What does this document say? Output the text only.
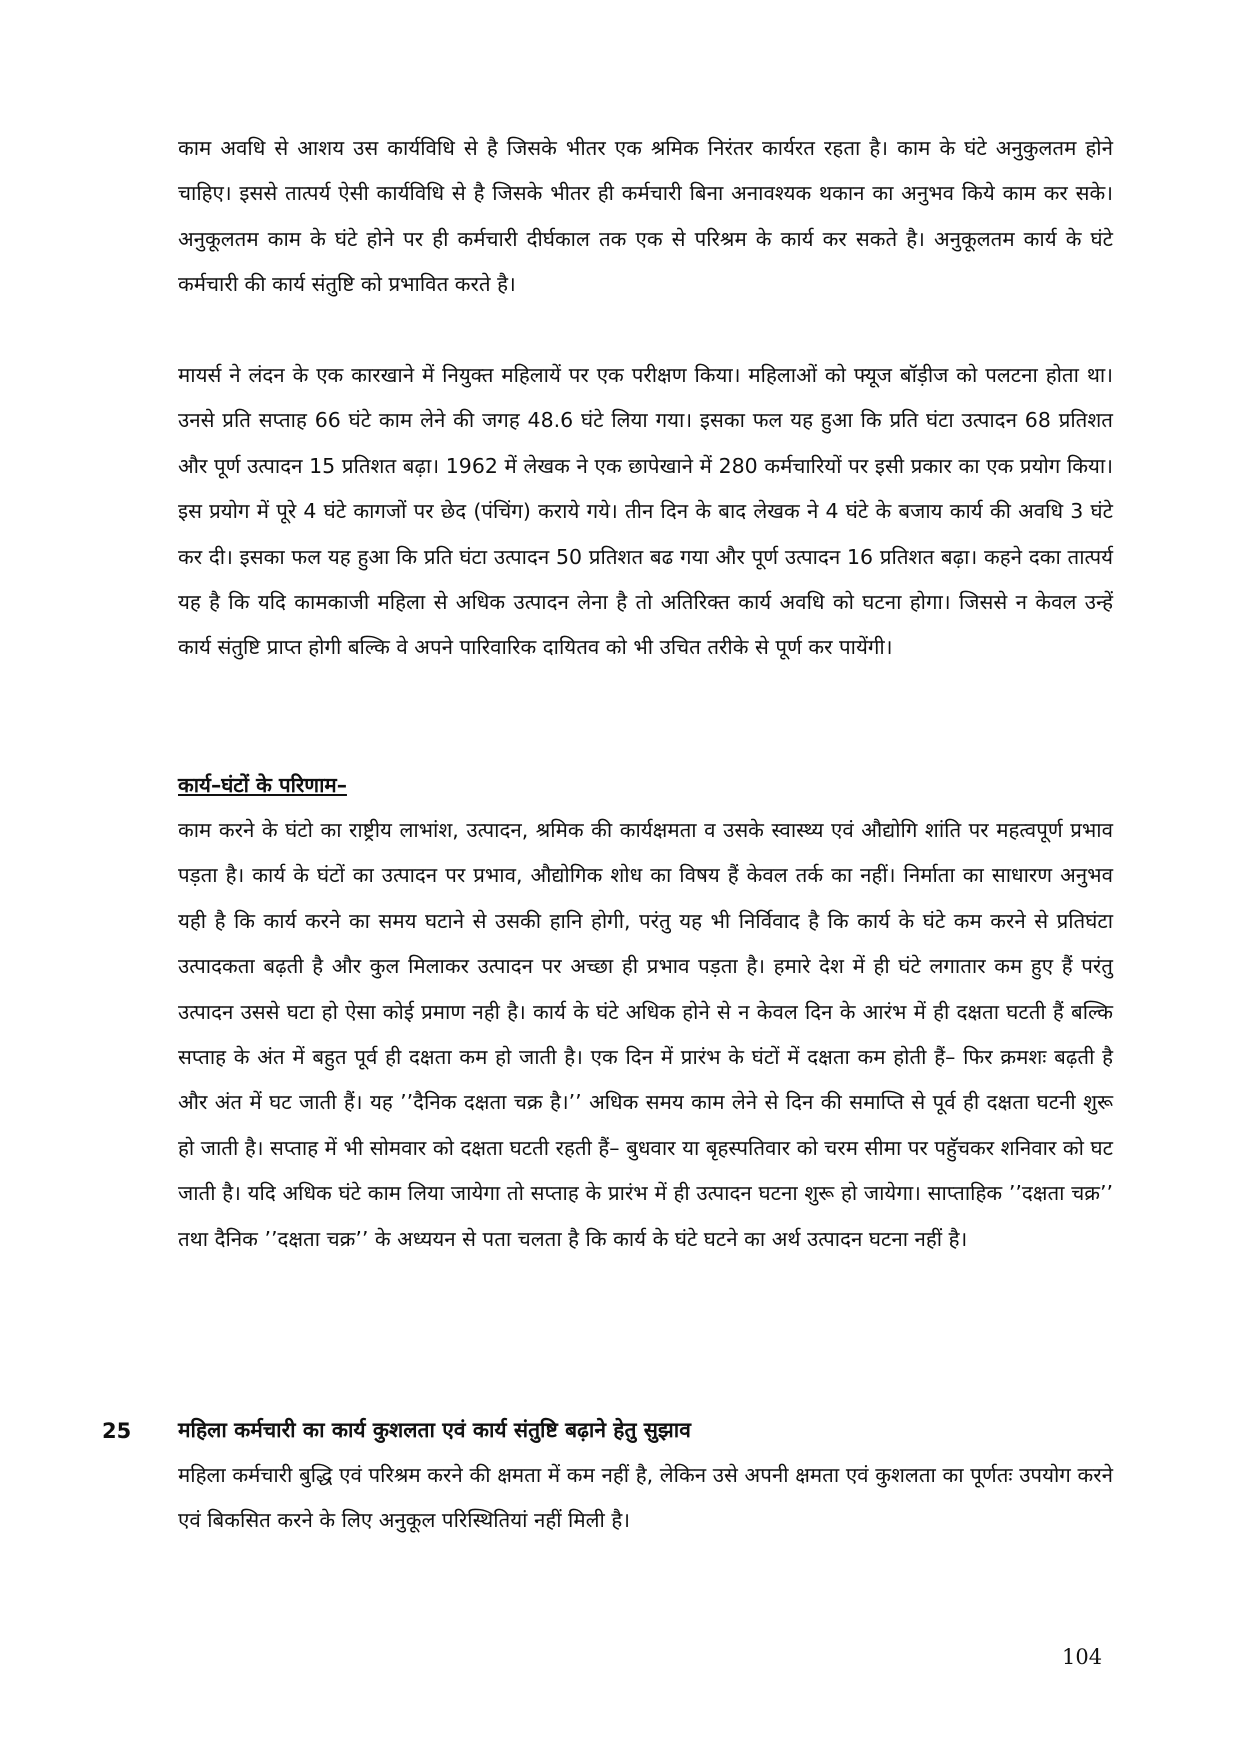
काम अवधि से आशय उस कार्यविधि से है जिसके भीतर एक श्रमिक निरंतर कार्यरत रहता है। काम के घंटे अनुकुलतम होने चाहिए। इससे तात्पर्य ऐसी कार्यविधि से है जिसके भीतर ही कर्मचारी बिना अनावश्यक थकान का अनुभव किये काम कर सके। अनुकूलतम काम के घंटे होने पर ही कर्मचारी दीर्घकाल तक एक से परिश्रम के कार्य कर सकते है। अनुकूलतम कार्य के घंटे कर्मचारी की कार्य संतुष्टि को प्रभावित करते है।

मायर्स ने लंदन के एक कारखाने में नियुक्त महिलायें पर एक परीक्षण किया। महिलाओं को फ्यूज बॉड़ीज को पलटना होता था। उनसे प्रति सप्ताह 66 घंटे काम लेने की जगह 48.6 घंटे लिया गया। इसका फल यह हुआ कि प्रति घंटा उत्पादन 68 प्रतिशत और पूर्ण उत्पादन 15 प्रतिशत बढ़ा। 1962 में लेखक ने एक छापेखाने में 280 कर्मचारियों पर इसी प्रकार का एक प्रयोग किया। इस प्रयोग में पूरे 4 घंटे कागजों पर छेद (पंचिंग) कराये गये। तीन दिन के बाद लेखक ने 4 घंटे के बजाय कार्य की अवधि 3 घंटे कर दी। इसका फल यह हुआ कि प्रति घंटा उत्पादन 50 प्रतिशत बढ गया और पूर्ण उत्पादन 16 प्रतिशत बढ़ा। कहने दका तात्पर्य यह है कि यदि कामकाजी महिला से अधिक उत्पादन लेना है तो अतिरिक्त कार्य अवधि को घटना होगा। जिससे न केवल उन्हें कार्य संतुष्टि प्राप्त होगी बल्कि वे अपने पारिवारिक दायितव को भी उचित तरीके से पूर्ण कर पायेंगी।

कार्य–घंटों के परिणाम–

काम करने के घंटो का राष्ट्रीय लाभांश, उत्पादन, श्रमिक की कार्यक्षमता व उसके स्वास्थ्य एवं औद्योगि शांति पर महत्वपूर्ण प्रभाव पड़ता है। कार्य के घंटों का उत्पादन पर प्रभाव, औद्योगिक शोध का विषय हैं केवल तर्क का नहीं। निर्माता का साधारण अनुभव यही है कि कार्य करने का समय घटाने से उसकी हानि होगी, परंतु यह भी निर्विवाद है कि कार्य के घंटे कम करने से प्रतिघंटा उत्पादकता बढ़ती है और कुल मिलाकर उत्पादन पर अच्छा ही प्रभाव पड़ता है। हमारे देश में ही घंटे लगातार कम हुए हैं परंतु उत्पादन उससे घटा हो ऐसा कोई प्रमाण नही है। कार्य के घंटे अधिक होने से न केवल दिन के आरंभ में ही दक्षता घटती हैं बल्कि सप्ताह के अंत में बहुत पूर्व ही दक्षता कम हो जाती है। एक दिन में प्रारंभ के घंटों में दक्षता कम होती हैं– फिर क्रमशः बढ़ती है और अंत में घट जाती हैं। यह ’’दैनिक दक्षता चक्र है।’’ अधिक समय काम लेने से दिन की समाप्ति से पूर्व ही दक्षता घटनी शुरू हो जाती है। सप्ताह में भी सोमवार को दक्षता घटती रहती हैं– बुधवार या बृहस्पतिवार को चरम सीमा पर पहुॅचकर शनिवार को घट जाती है। यदि अधिक घंटे काम लिया जायेगा तो सप्ताह के प्रारंभ में ही उत्पादन घटना शुरू हो जायेगा। साप्ताहिक ’’दक्षता चक्र’’ तथा दैनिक ’’दक्षता चक्र’’ के अध्ययन से पता चलता है कि कार्य के घंटे घटने का अर्थ उत्पादन घटना नहीं है।

25 महिला कर्मचारी का कार्य कुशलता एवं कार्य संतुष्टि बढ़ाने हेतु सुझाव

महिला कर्मचारी बुद्धि एवं परिश्रम करने की क्षमता में कम नहीं है, लेकिन उसे अपनी क्षमता एवं कुशलता का पूर्णतः उपयोग करने एवं बिकसित करने के लिए अनुकूल परिस्थितियां नहीं मिली है।

104
